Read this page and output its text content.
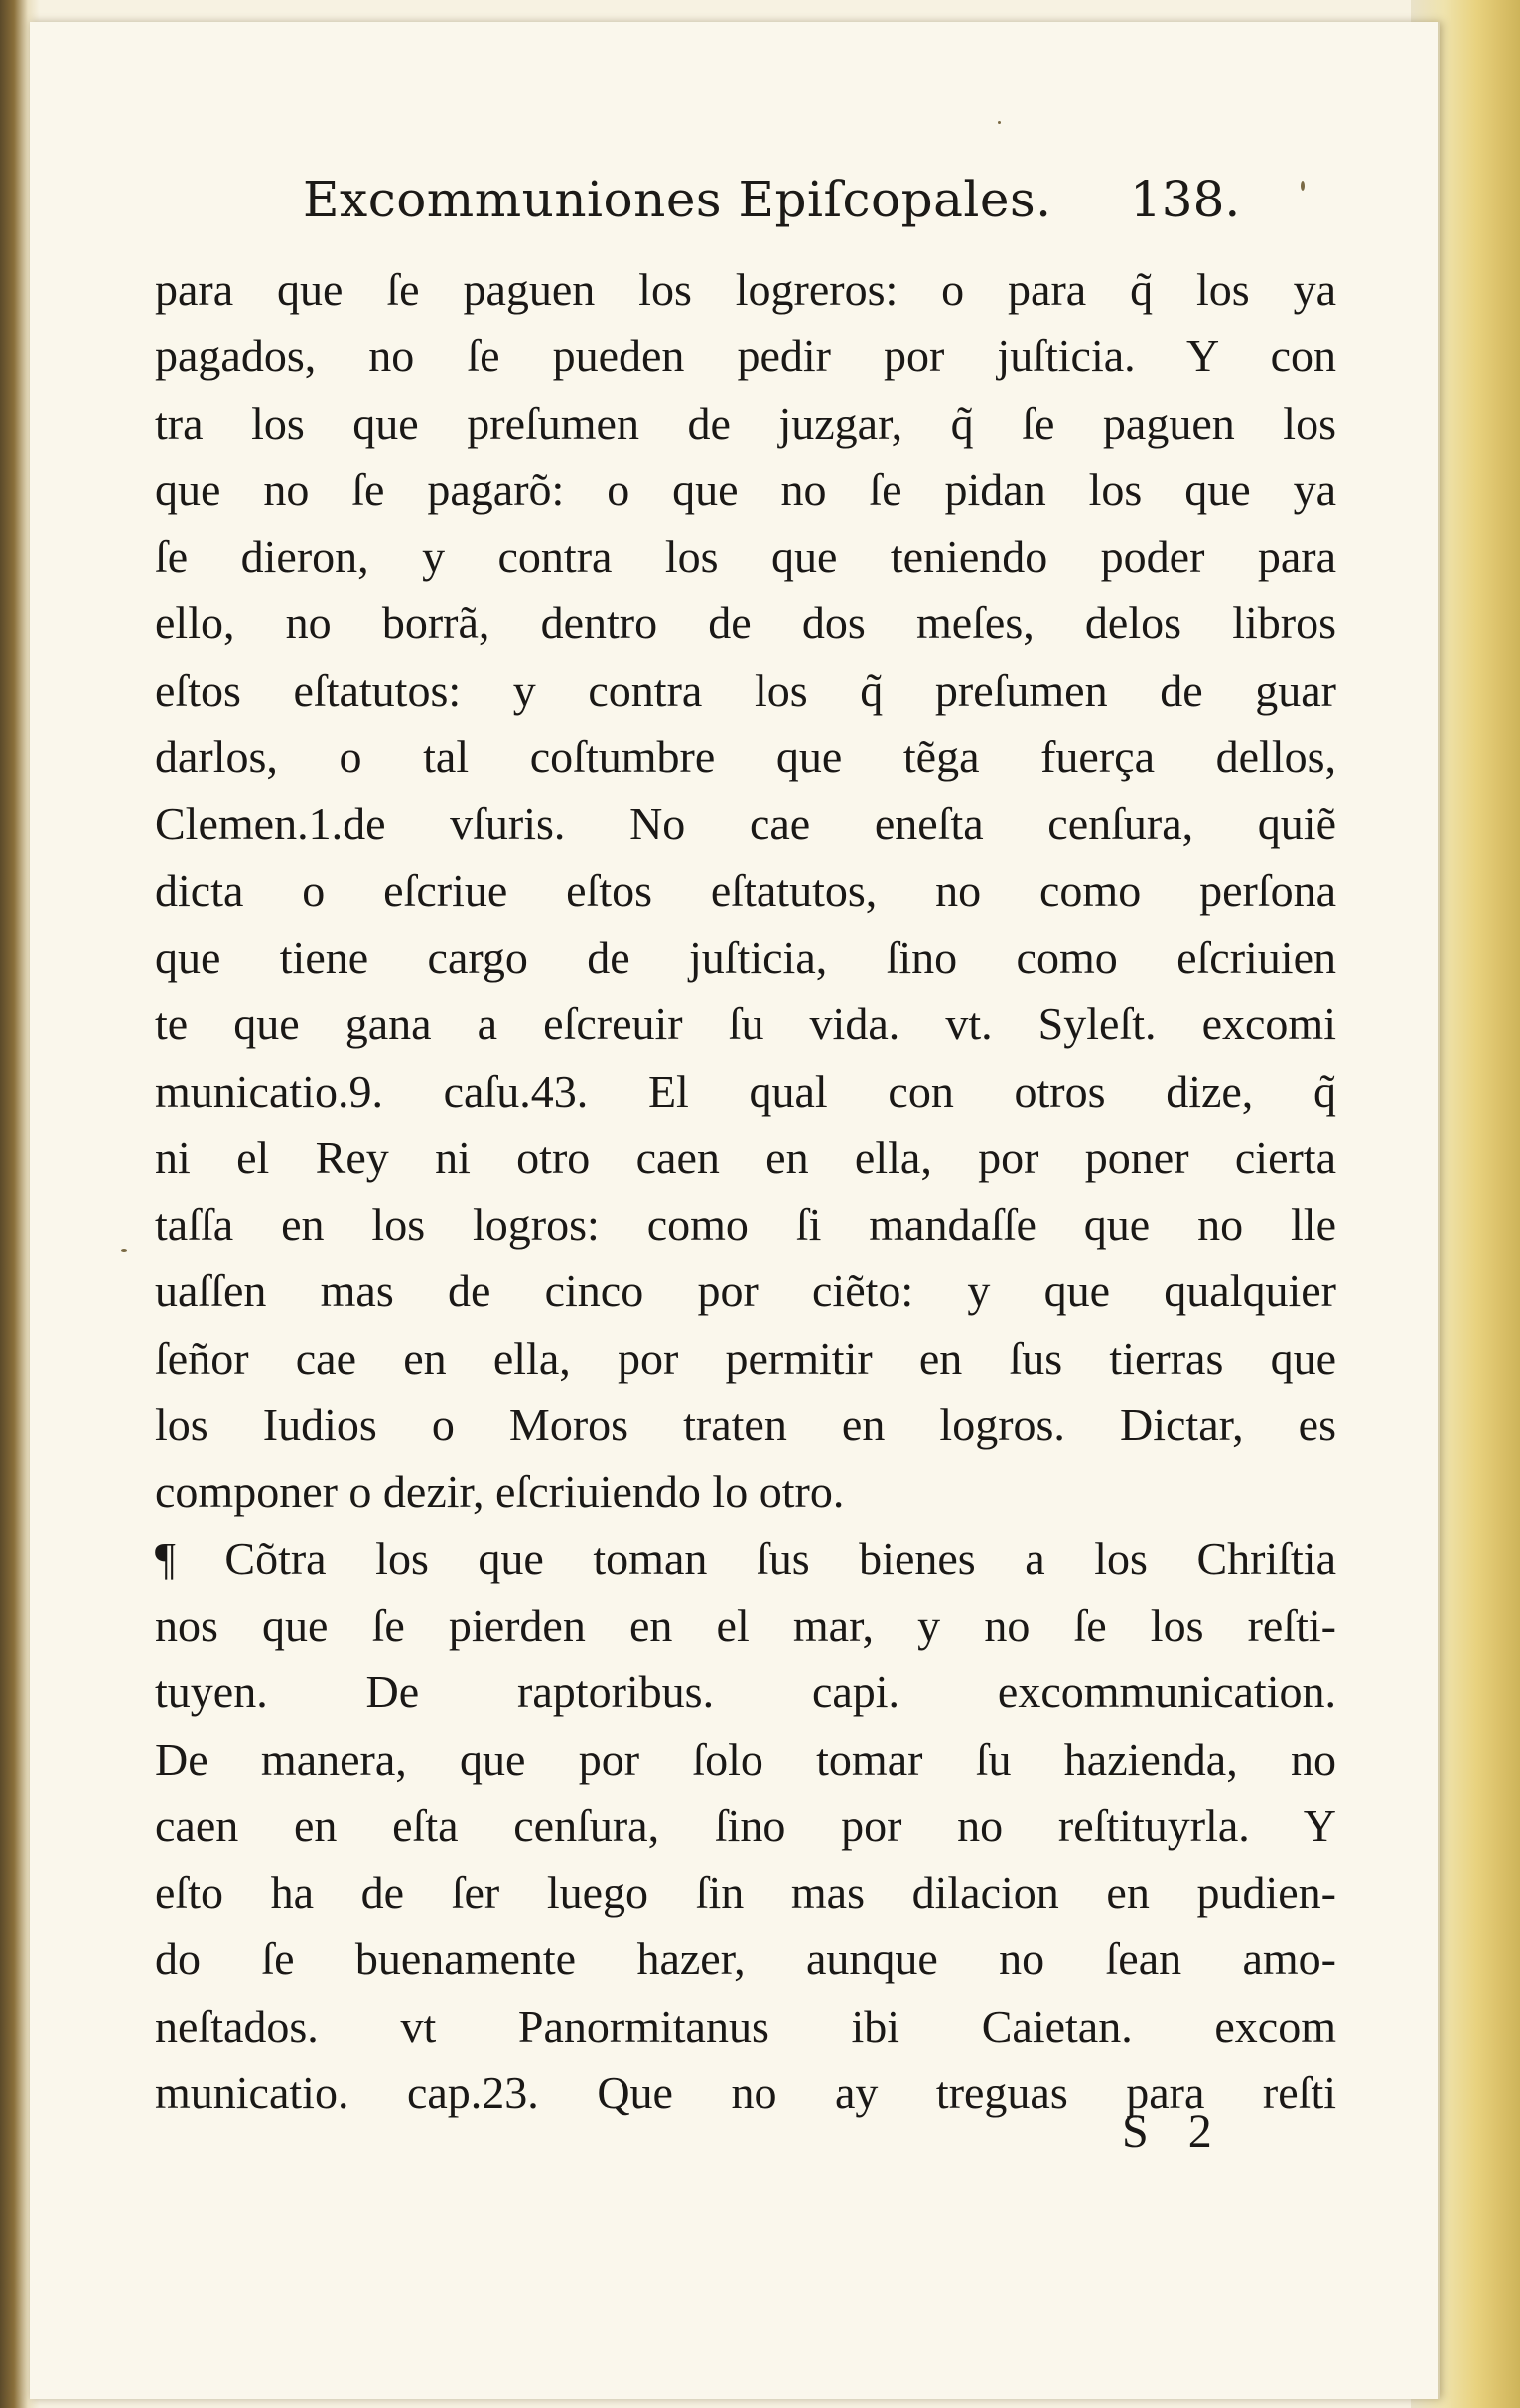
Excommuniones Epiſcopales. 138.
para que ſe paguen los logreros: o para q̃ los ya
pagados, no ſe pueden pedir por juſticia. Y con
tra los que preſumen de juzgar, q̃ ſe paguen los
que no ſe pagarõ: o que no ſe pidan los que ya
ſe dieron, y contra los que teniendo poder para
ello, no borrã, dentro de dos meſes, delos libros
eſtos eſtatutos: y contra los q̃ preſumen de guar
darlos, o tal coſtumbre que tẽga fuerça dellos,
Clemen.1.de vſuris. No cae eneſta cenſura, quiẽ
dicta o eſcriue eſtos eſtatutos, no como perſona
que tiene cargo de juſticia, ſino como eſcriuien
te que gana a eſcreuir ſu vida. vt. Syleſt. excomi
municatio.9. caſu.43. El qual con otros dize, q̃
ni el Rey ni otro caen en ella, por poner cierta
taſſa en los logros: como ſi mandaſſe que no lle
uaſſen mas de cinco por ciẽto: y que qualquier
ſeñor cae en ella, por permitir en ſus tierras que
los Iudios o Moros traten en logros. Dictar, es
componer o dezir, eſcriuiendo lo otro.
¶ Cõtra los que toman ſus bienes a los Chriſtia
nos que ſe pierden en el mar, y no ſe los reſti-
tuyen. De raptoribus. capi. excommunication.
De manera, que por ſolo tomar ſu hazienda, no
caen en eſta cenſura, ſino por no reſtituyrla. Y
eſto ha de ſer luego ſin mas dilacion en pudien-
do ſe buenamente hazer, aunque no ſean amo-
neſtados. vt Panormitanus ibi Caietan. excom
municatio. cap.23. Que no ay treguas para reſti
S 2
